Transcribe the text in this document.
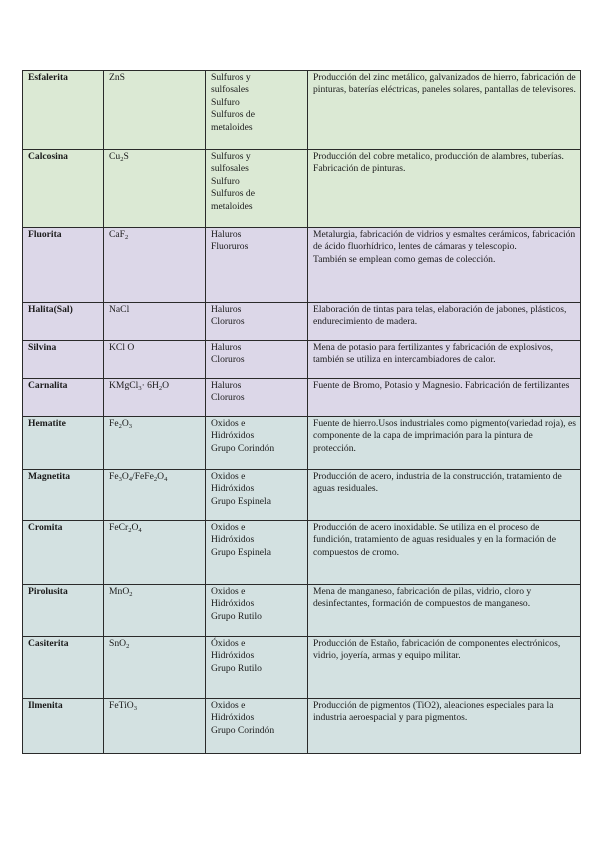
Esfalerita	ZnS	Sulfuros y
sulfosales
Sulfuro
Sulfuros de
metaloides	Producción del zinc metálico, galvanizados de hierro, fabricación de pinturas, baterías eléctricas, paneles solares, pantallas de televisores.

Calcosina	$Cu_2S$	Sulfuros y
sulfosales
Sulfuro
Sulfuros de
metaloides	Producción del cobre metalico, producción de alambres, tuberías. Fabricación de pinturas.

Fluorita	CaF$_2$	Haluros
Fluoruros	Metalurgia, fabricación de vidrios y esmaltes cerámicos, fabricación de ácido fluorhídrico, lentes de cámaras y telescopio.
También se emplean como gemas de colección.

Halita(Sal)	NaCl	Haluros
Cloruros	Elaboración de tintas para telas, elaboración de jabones, plásticos, endurecimiento de madera.

Silvina	KCl O	Haluros
Cloruros	Mena de potasio para fertilizantes y fabricación de explosivos, también se utiliza en intercambiadores de calor.

Carnalita	KMgCl$_3$· $6H_2O$	Haluros
Cloruros	Fuente de Bromo, Potasio y Magnesio. Fabricación de fertilizantes

Hematite	$Fe_2O_3$	Oxidos e
Hidróxidos
Grupo Corindón	Fuente de hierro.Usos industriales como pigmento(variedad roja), es componente de la capa de imprimación para la pintura de protección.

Magnetita	$Fe_3O_4/FeFe_2O_4$	Oxidos e
Hidróxidos
Grupo Espinela	Producción de acero, industria de la construcción, tratamiento de aguas residuales.

Cromita	$FeCr_2O_4$	Oxidos e
Hidróxidos
Grupo Espinela	Producción de acero inoxidable. Se utiliza en el proceso de fundición, tratamiento de aguas residuales y en la formación de compuestos de cromo.

Pirolusita	MnO$_2$	Oxidos e
Hidróxidos
Grupo Rutilo	Mena de manganeso, fabricación de pilas, vidrio, cloro y desinfectantes, formación de compuestos de manganeso.

Casiterita	SnO$_2$	Óxidos e
Hidróxidos
Grupo Rutilo	Producción de Estaño, fabricación de componentes electrónicos, vidrio, joyería, armas y equipo militar.

Ilmenita	FeTiO$_3$	Oxidos e
Hidróxidos
Grupo Corindón	Producción de pigmentos (TiO2), aleaciones especiales para la industria aeroespacial y para pigmentos.
